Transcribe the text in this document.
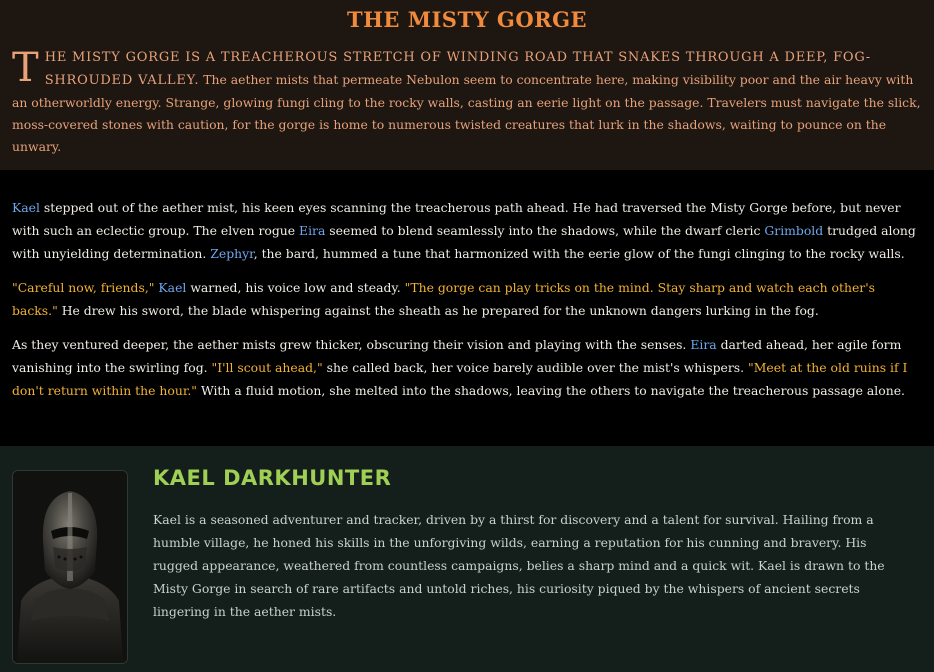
THE MISTY GORGE

THE MISTY GORGE IS A TREACHEROUS STRETCH OF WINDING ROAD THAT SNAKES THROUGH A DEEP, FOG-SHROUDED VALLEY. The aether mists that permeate Nebulon seem to concentrate here, making visibility poor and the air heavy with an otherworldly energy. Strange, glowing fungi cling to the rocky walls, casting an eerie light on the passage. Travelers must navigate the slick, moss-covered stones with caution, for the gorge is home to numerous twisted creatures that lurk in the shadows, waiting to pounce on the unwary.

Kael stepped out of the aether mist, his keen eyes scanning the treacherous path ahead. He had traversed the Misty Gorge before, but never with such an eclectic group. The elven rogue Eira seemed to blend seamlessly into the shadows, while the dwarf cleric Grimbold trudged along with unyielding determination. Zephyr, the bard, hummed a tune that harmonized with the eerie glow of the fungi clinging to the rocky walls.

"Careful now, friends," Kael warned, his voice low and steady. "The gorge can play tricks on the mind. Stay sharp and watch each other's backs." He drew his sword, the blade whispering against the sheath as he prepared for the unknown dangers lurking in the fog.

As they ventured deeper, the aether mists grew thicker, obscuring their vision and playing with the senses. Eira darted ahead, her agile form vanishing into the swirling fog. "I'll scout ahead," she called back, her voice barely audible over the mist's whispers. "Meet at the old ruins if I don't return within the hour." With a fluid motion, she melted into the shadows, leaving the others to navigate the treacherous passage alone.

KAEL DARKHUNTER

Kael is a seasoned adventurer and tracker, driven by a thirst for discovery and a talent for survival. Hailing from a humble village, he honed his skills in the unforgiving wilds, earning a reputation for his cunning and bravery. His rugged appearance, weathered from countless campaigns, belies a sharp mind and a quick wit. Kael is drawn to the Misty Gorge in search of rare artifacts and untold riches, his curiosity piqued by the whispers of ancient secrets lingering in the aether mists.
